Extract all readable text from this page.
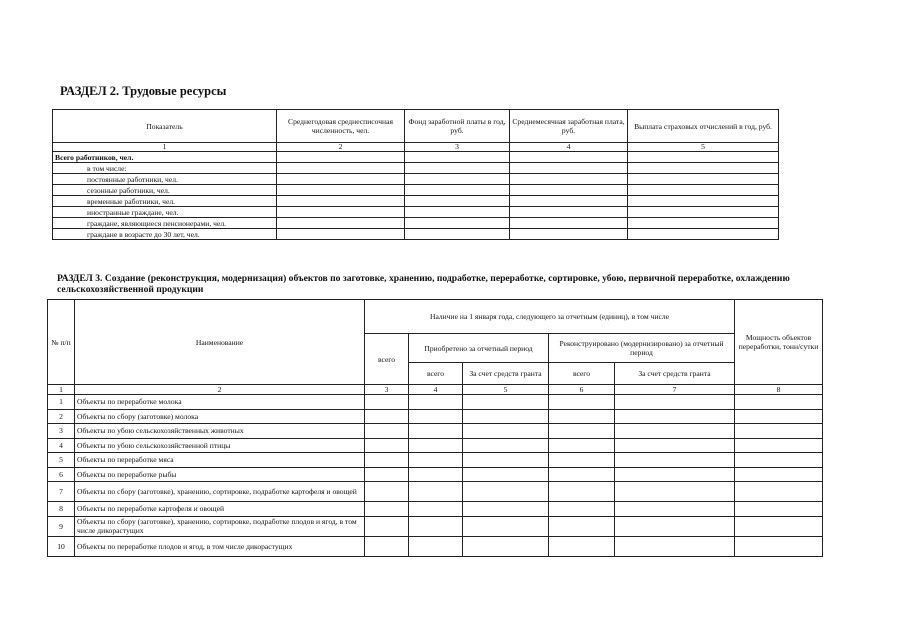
РАЗДЕЛ 2. Трудовые ресурсы
Показатель	Среднегодовая среднесписочная численность, чел.	Фонд заработной платы в год, руб.	Среднемесячная заработная плата, руб.	Выплата страховых отчислений в год, руб.
1	2	3	4	5
Всего работников, чел.				
в том числе:				
постоянные работники, чел.				
сезонные работники, чел.				
временные работники, чел.				
иностранные граждане, чел.				
граждане, являющиеся пенсионерами, чел.				
граждане в возрасте до 30 лет, чел.				
РАЗДЕЛ 3. Создание (реконструкция, модернизация) объектов по заготовке, хранению, подработке, переработке, сортировке, убою, первичной переработке, охлаждению сельскохозяйственной продукции
№ п/п	Наименование	Наличие на 1 января года, следующего за отчетным (единиц), в том числе					Мощность объектов переработки, тонн/сутки
		всего	Приобретено за отчетный период		Реконструировано (модернизировано) за отчетный период		
			всего	За счет средств гранта	всего	За счет средств гранта	
1	2	3	4	5	6	7	8
1	Объекты по переработке молока						
2	Объекты по сбору (заготовке) молока						
3	Объекты по убою сельскохозяйственных животных						
4	Объекты по убою сельскохозяйственной птицы						
5	Объекты по переработке мяса						
6	Объекты по переработке рыбы						
7	Объекты по сбору (заготовке), хранению, сортировке, подработке картофеля и овощей						
8	Объекты по переработке картофеля и овощей						
9	Объекты по сбору (заготовке), хранению, сортировке, подработке плодов и ягод, в том числе дикорастущих						
10	Объекты по переработке плодов и ягод, в том числе дикорастущих						
